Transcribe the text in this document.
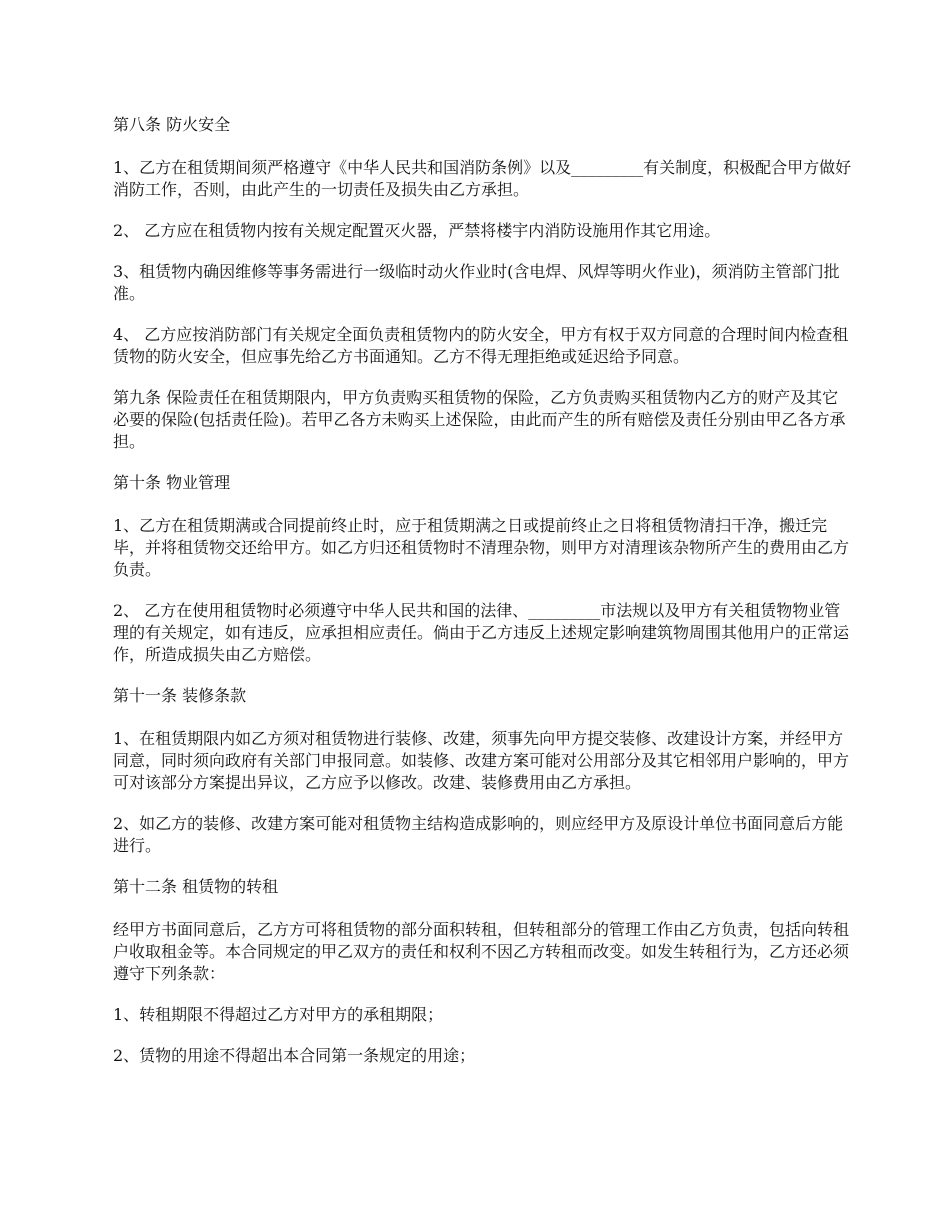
第八条 防火安全

1、乙方在租赁期间须严格遵守《中华人民共和国消防条例》以及_________有关制度，积极配合甲方做好消防工作，否则，由此产生的一切责任及损失由乙方承担。

2、 乙方应在租赁物内按有关规定配置灭火器，严禁将楼宇内消防设施用作其它用途。

3、租赁物内确因维修等事务需进行一级临时动火作业时(含电焊、风焊等明火作业)，须消防主管部门批准。

4、 乙方应按消防部门有关规定全面负责租赁物内的防火安全，甲方有权于双方同意的合理时间内检查租赁物的防火安全，但应事先给乙方书面通知。乙方不得无理拒绝或延迟给予同意。

第九条 保险责任在租赁期限内，甲方负责购买租赁物的保险，乙方负责购买租赁物内乙方的财产及其它必要的保险(包括责任险)。若甲乙各方未购买上述保险，由此而产生的所有赔偿及责任分别由甲乙各方承担。

第十条 物业管理

1、乙方在租赁期满或合同提前终止时，应于租赁期满之日或提前终止之日将租赁物清扫干净，搬迁完毕，并将租赁物交还给甲方。如乙方归还租赁物时不清理杂物，则甲方对清理该杂物所产生的费用由乙方负责。

2、 乙方在使用租赁物时必须遵守中华人民共和国的法律、_________市法规以及甲方有关租赁物物业管理的有关规定，如有违反，应承担相应责任。倘由于乙方违反上述规定影响建筑物周围其他用户的正常运作，所造成损失由乙方赔偿。

第十一条 装修条款

1、在租赁期限内如乙方须对租赁物进行装修、改建，须事先向甲方提交装修、改建设计方案，并经甲方同意，同时须向政府有关部门申报同意。如装修、改建方案可能对公用部分及其它相邻用户影响的，甲方可对该部分方案提出异议，乙方应予以修改。改建、装修费用由乙方承担。

2、如乙方的装修、改建方案可能对租赁物主结构造成影响的，则应经甲方及原设计单位书面同意后方能进行。

第十二条 租赁物的转租

经甲方书面同意后，乙方方可将租赁物的部分面积转租，但转租部分的管理工作由乙方负责，包括向转租户收取租金等。本合同规定的甲乙双方的责任和权利不因乙方转租而改变。如发生转租行为，乙方还必须遵守下列条款：

1、转租期限不得超过乙方对甲方的承租期限；

2、赁物的用途不得超出本合同第一条规定的用途；
